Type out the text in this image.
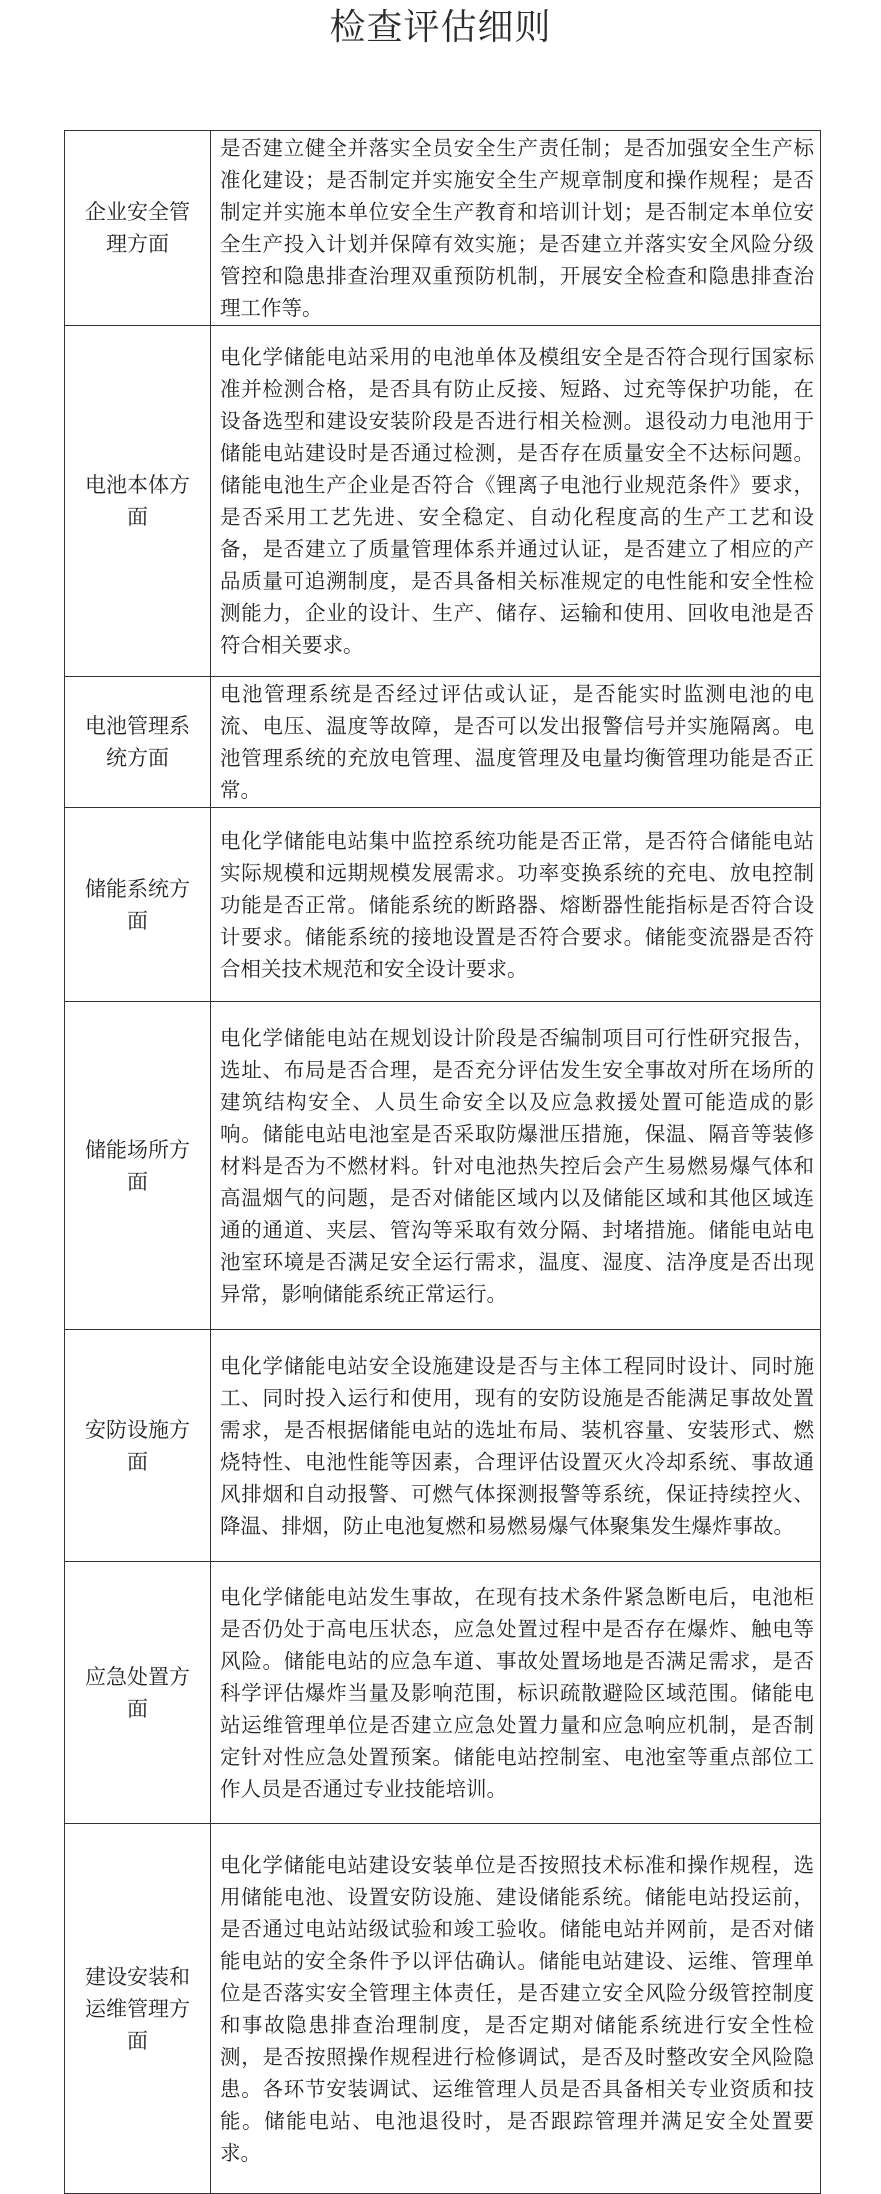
检查评估细则
企业安全管理方面	是否建立健全并落实全员安全生产责任制；是否加强安全生产标准化建设；是否制定并实施安全生产规章制度和操作规程；是否制定并实施本单位安全生产教育和培训计划；是否制定本单位安全生产投入计划并保障有效实施；是否建立并落实安全风险分级管控和隐患排查治理双重预防机制，开展安全检查和隐患排查治理工作等。
电池本体方面	电化学储能电站采用的电池单体及模组安全是否符合现行国家标准并检测合格，是否具有防止反接、短路、过充等保护功能，在设备选型和建设安装阶段是否进行相关检测。退役动力电池用于储能电站建设时是否通过检测，是否存在质量安全不达标问题。储能电池生产企业是否符合《锂离子电池行业规范条件》要求，是否采用工艺先进、安全稳定、自动化程度高的生产工艺和设备，是否建立了质量管理体系并通过认证，是否建立了相应的产品质量可追溯制度，是否具备相关标准规定的电性能和安全性检测能力，企业的设计、生产、储存、运输和使用、回收电池是否符合相关要求。
电池管理系统方面	电池管理系统是否经过评估或认证，是否能实时监测电池的电流、电压、温度等故障，是否可以发出报警信号并实施隔离。电池管理系统的充放电管理、温度管理及电量均衡管理功能是否正常。
储能系统方面	电化学储能电站集中监控系统功能是否正常，是否符合储能电站实际规模和远期规模发展需求。功率变换系统的充电、放电控制功能是否正常。储能系统的断路器、熔断器性能指标是否符合设计要求。储能系统的接地设置是否符合要求。储能变流器是否符合相关技术规范和安全设计要求。
储能场所方面	电化学储能电站在规划设计阶段是否编制项目可行性研究报告，选址、布局是否合理，是否充分评估发生安全事故对所在场所的建筑结构安全、人员生命安全以及应急救援处置可能造成的影响。储能电站电池室是否采取防爆泄压措施，保温、隔音等装修材料是否为不燃材料。针对电池热失控后会产生易燃易爆气体和高温烟气的问题，是否对储能区域内以及储能区域和其他区域连通的通道、夹层、管沟等采取有效分隔、封堵措施。储能电站电池室环境是否满足安全运行需求，温度、湿度、洁净度是否出现异常，影响储能系统正常运行。
安防设施方面	电化学储能电站安全设施建设是否与主体工程同时设计、同时施工、同时投入运行和使用，现有的安防设施是否能满足事故处置需求，是否根据储能电站的选址布局、装机容量、安装形式、燃烧特性、电池性能等因素，合理评估设置灭火冷却系统、事故通风排烟和自动报警、可燃气体探测报警等系统，保证持续控火、降温、排烟，防止电池复燃和易燃易爆气体聚集发生爆炸事故。
应急处置方面	电化学储能电站发生事故，在现有技术条件紧急断电后，电池柜是否仍处于高电压状态，应急处置过程中是否存在爆炸、触电等风险。储能电站的应急车道、事故处置场地是否满足需求，是否科学评估爆炸当量及影响范围，标识疏散避险区域范围。储能电站运维管理单位是否建立应急处置力量和应急响应机制，是否制定针对性应急处置预案。储能电站控制室、电池室等重点部位工作人员是否通过专业技能培训。
建设安装和运维管理方面	电化学储能电站建设安装单位是否按照技术标准和操作规程，选用储能电池、设置安防设施、建设储能系统。储能电站投运前，是否通过电站站级试验和竣工验收。储能电站并网前，是否对储能电站的安全条件予以评估确认。储能电站建设、运维、管理单位是否落实安全管理主体责任，是否建立安全风险分级管控制度和事故隐患排查治理制度，是否定期对储能系统进行安全性检测，是否按照操作规程进行检修调试，是否及时整改安全风险隐患。各环节安装调试、运维管理人员是否具备相关专业资质和技能。储能电站、电池退役时，是否跟踪管理并满足安全处置要求。
